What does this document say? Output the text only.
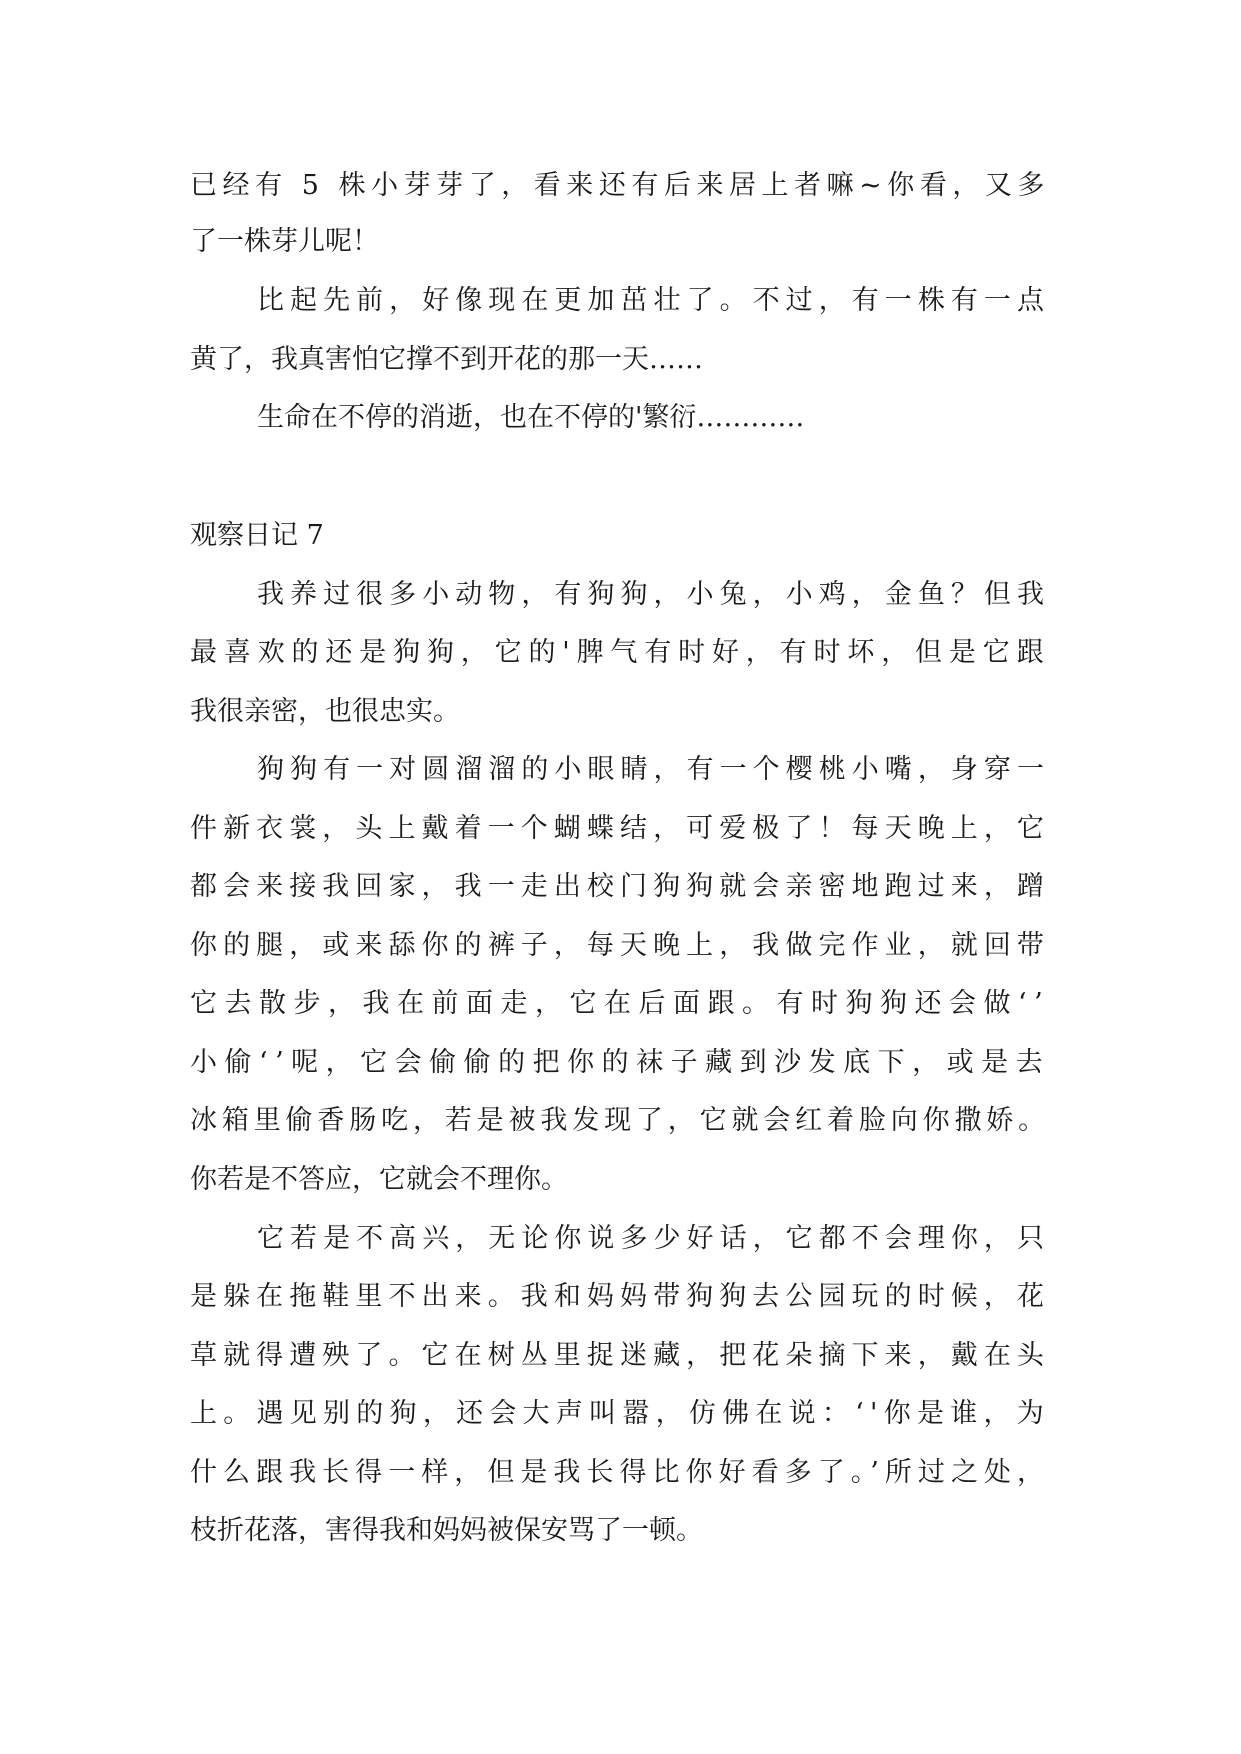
已经有 5 株小芽芽了，看来还有后来居上者嘛~你看，又多
了一株芽儿呢！
比起先前，好像现在更加茁壮了。不过，有一株有一点
黄了，我真害怕它撑不到开花的那一天……
生命在不停的消逝，也在不停的'繁衍…………
观察日记 7
我养过很多小动物，有狗狗，小兔，小鸡，金鱼？但我
最喜欢的还是狗狗，它的'脾气有时好，有时坏，但是它跟
我很亲密，也很忠实。
狗狗有一对圆溜溜的小眼睛，有一个樱桃小嘴，身穿一
件新衣裳，头上戴着一个蝴蝶结，可爱极了！每天晚上，它
都会来接我回家，我一走出校门狗狗就会亲密地跑过来，蹭
你的腿，或来舔你的裤子，每天晚上，我做完作业，就回带
它去散步，我在前面走，它在后面跟。有时狗狗还会做‘’
小偷‘’呢，它会偷偷的把你的袜子藏到沙发底下，或是去
冰箱里偷香肠吃，若是被我发现了，它就会红着脸向你撒娇。
你若是不答应，它就会不理你。
它若是不高兴，无论你说多少好话，它都不会理你，只
是躲在拖鞋里不出来。我和妈妈带狗狗去公园玩的时候，花
草就得遭殃了。它在树丛里捉迷藏，把花朵摘下来，戴在头
上。遇见别的狗，还会大声叫嚣，仿佛在说：‘'你是谁，为
什么跟我长得一样，但是我长得比你好看多了。’所过之处，
枝折花落，害得我和妈妈被保安骂了一顿。
